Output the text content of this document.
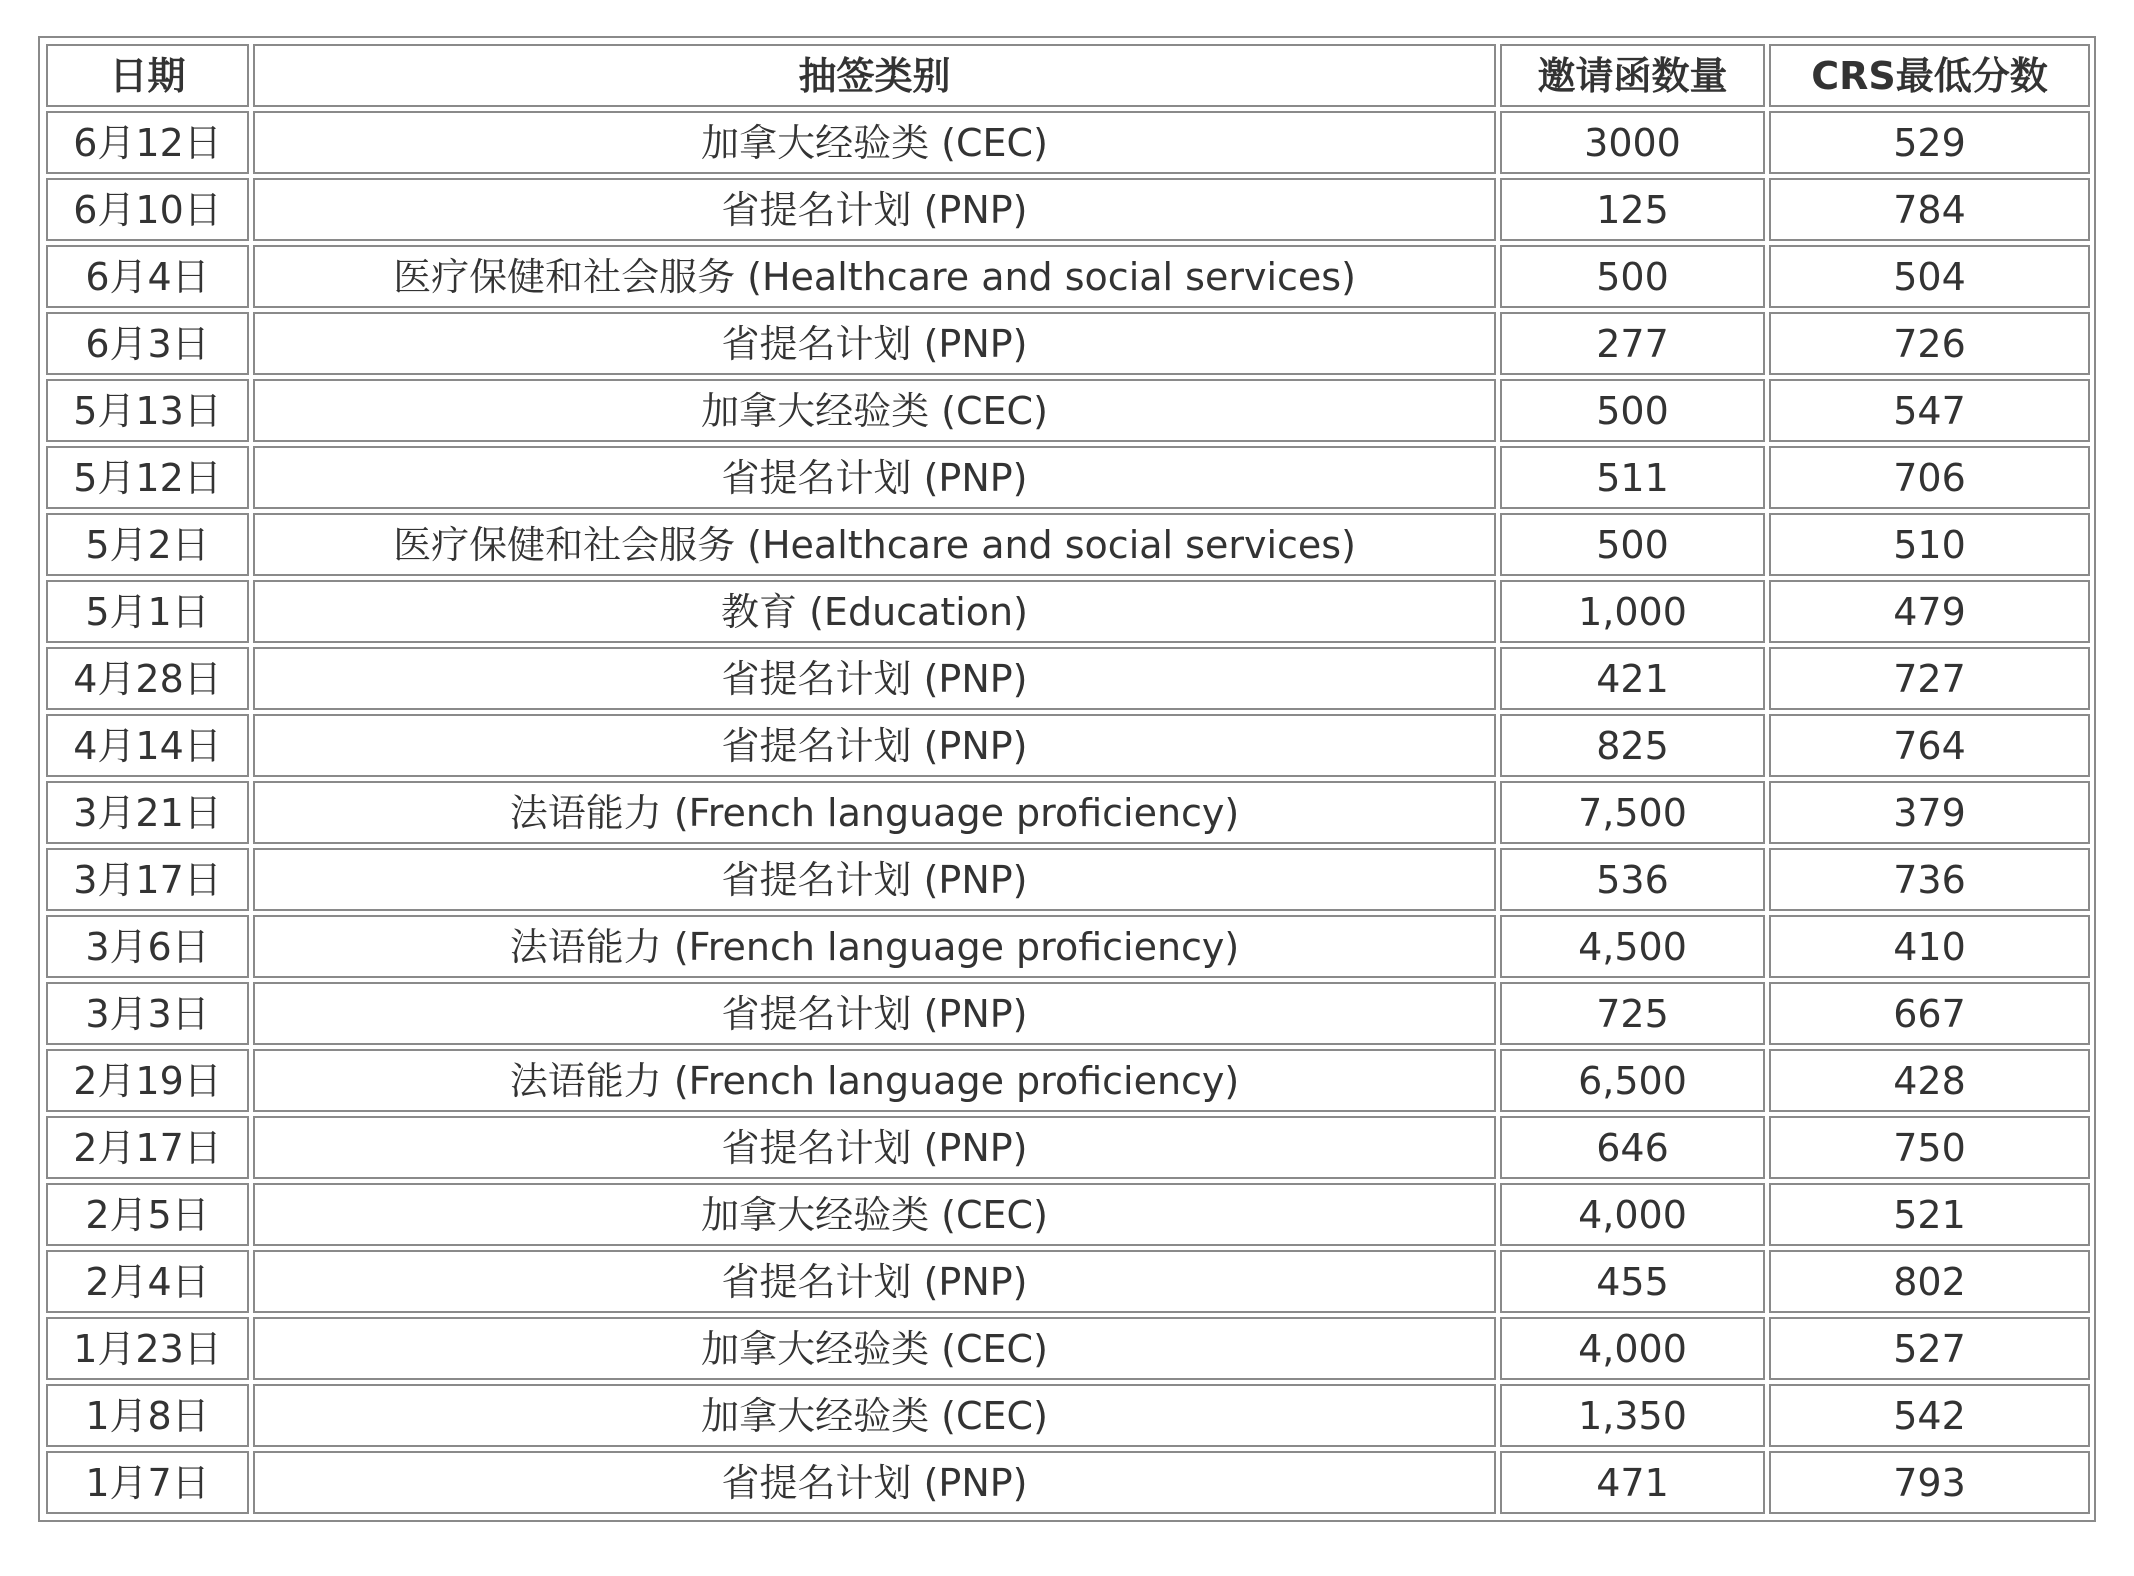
日期	抽签类别	邀请函数量	CRS最低分数
6月12日	加拿大经验类 (CEC)	3000	529
6月10日	省提名计划 (PNP)	125	784
6月4日	医疗保健和社会服务 (Healthcare and social services)	500	504
6月3日	省提名计划 (PNP)	277	726
5月13日	加拿大经验类 (CEC)	500	547
5月12日	省提名计划 (PNP)	511	706
5月2日	医疗保健和社会服务 (Healthcare and social services)	500	510
5月1日	教育 (Education)	1,000	479
4月28日	省提名计划 (PNP)	421	727
4月14日	省提名计划 (PNP)	825	764
3月21日	法语能力 (French language proficiency)	7,500	379
3月17日	省提名计划 (PNP)	536	736
3月6日	法语能力 (French language proficiency)	4,500	410
3月3日	省提名计划 (PNP)	725	667
2月19日	法语能力 (French language proficiency)	6,500	428
2月17日	省提名计划 (PNP)	646	750
2月5日	加拿大经验类 (CEC)	4,000	521
2月4日	省提名计划 (PNP)	455	802
1月23日	加拿大经验类 (CEC)	4,000	527
1月8日	加拿大经验类 (CEC)	1,350	542
1月7日	省提名计划 (PNP)	471	793
